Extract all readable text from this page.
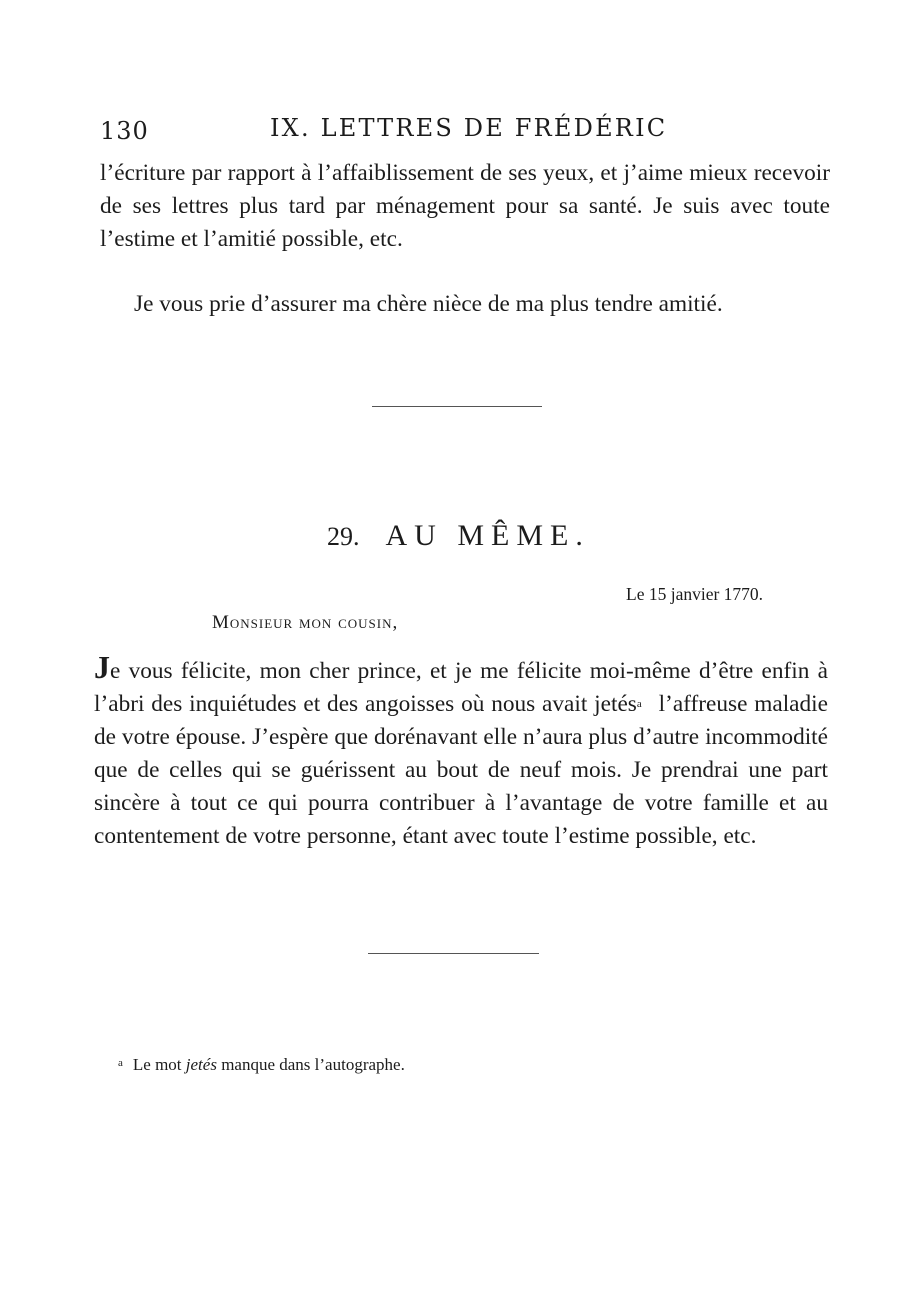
130	IX. LETTRES DE FRÉDÉRIC

l’écriture par rapport à l’affaiblissement de ses yeux, et j’aime mieux recevoir de ses lettres plus tard par ménagement pour sa santé. Je suis avec toute l’estime et l’amitié possible, etc.

Je vous prie d’assurer ma chère nièce de ma plus tendre amitié.
29. AU MÊME.
Le 15 janvier 1770.
Monsieur mon cousin,

Je vous félicite, mon cher prince, et je me félicite moi-même d’être enfin à l’abri des inquiétudes et des angoisses où nous avait jetés$^a$ l’affreuse maladie de votre épouse. J’espère que dorénavant elle n’aura plus d’autre incommodité que de celles qui se guérissent au bout de neuf mois. Je prendrai une part sincère à tout ce qui pourra contribuer à l’avantage de votre famille et au contentement de votre personne, étant avec toute l’estime possible, etc.

$^a$ Le mot jetés manque dans l’autographe.
